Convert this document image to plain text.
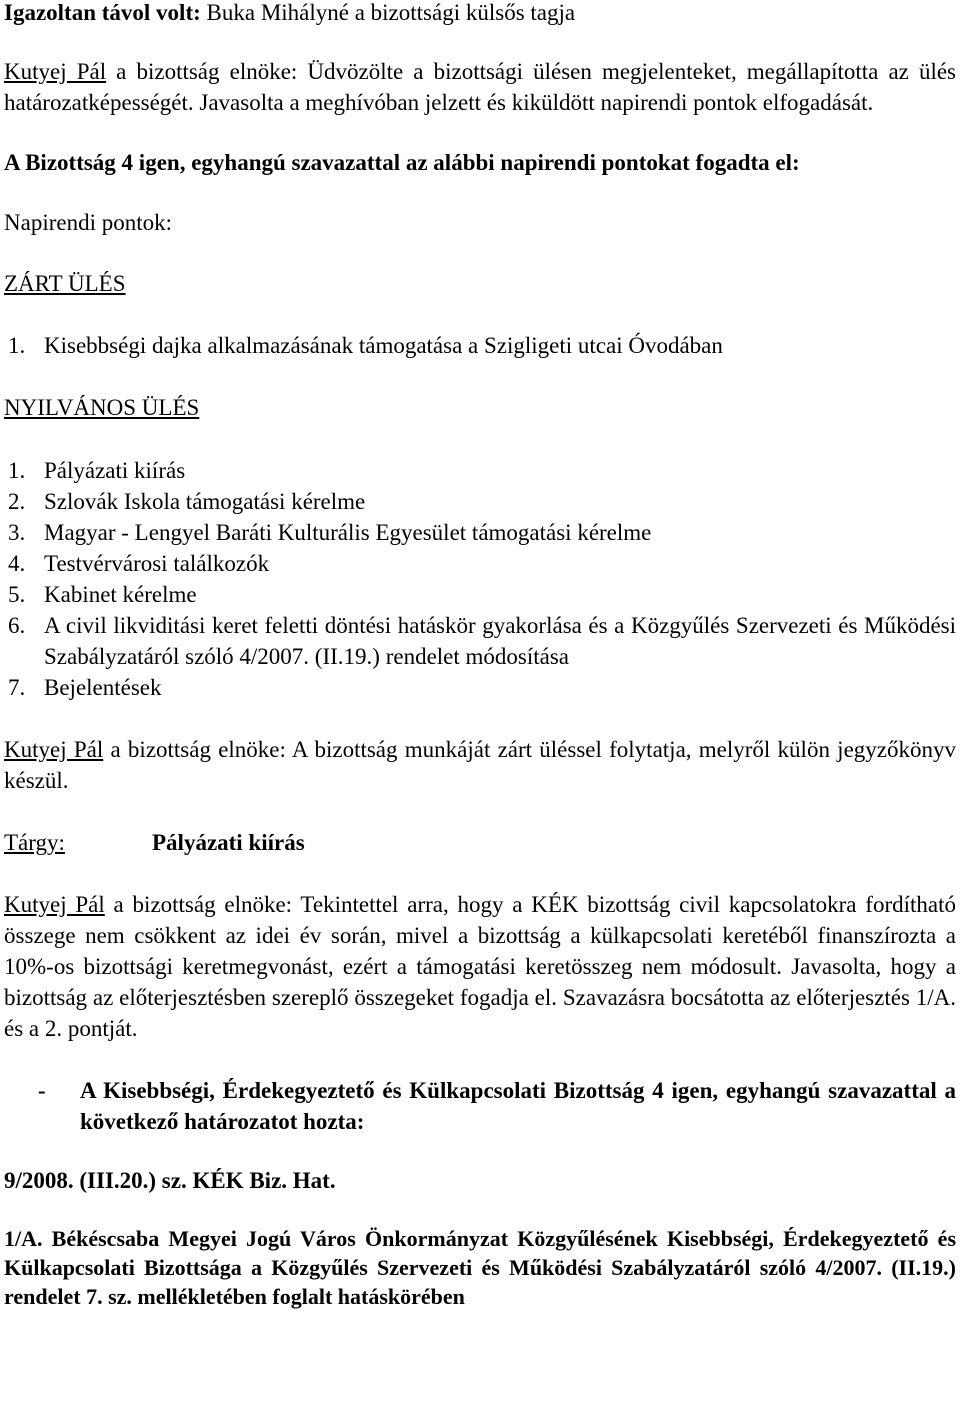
Igazoltan távol volt: Buka Mihályné a bizottsági külsős tagja

Kutyej Pál a bizottság elnöke: Üdvözölte a bizottsági ülésen megjelenteket, megállapította az ülés határozatképességét. Javasolta a meghívóban jelzett és kiküldött napirendi pontok elfogadását.

A Bizottság 4 igen, egyhangú szavazattal az alábbi napirendi pontokat fogadta el:

Napirendi pontok:

ZÁRT ÜLÉS

1. Kisebbségi dajka alkalmazásának támogatása a Szigligeti utcai Óvodában

NYILVÁNOS ÜLÉS

1. Pályázati kiírás
2. Szlovák Iskola támogatási kérelme
3. Magyar - Lengyel Baráti Kulturális Egyesület támogatási kérelme
4. Testvérvárosi találkozók
5. Kabinet kérelme
6. A civil likviditási keret feletti döntési hatáskör gyakorlása és a Közgyűlés Szervezeti és Működési Szabályzatáról szóló 4/2007. (II.19.) rendelet módosítása
7. Bejelentések

Kutyej Pál a bizottság elnöke: A bizottság munkáját zárt üléssel folytatja, melyről külön jegyzőkönyv készül.

Tárgy:	Pályázati kiírás

Kutyej Pál a bizottság elnöke: Tekintettel arra, hogy a KÉK bizottság civil kapcsolatokra fordítható összege nem csökkent az idei év során, mivel a bizottság a külkapcsolati keretéből finanszírozta a 10%-os bizottsági keretmegvonást, ezért a támogatási keretösszeg nem módosult. Javasolta, hogy a bizottság az előterjesztésben szereplő összegeket fogadja el. Szavazásra bocsátotta az előterjesztés 1/A. és a 2. pontját.

-	A Kisebbségi, Érdekegyeztető és Külkapcsolati Bizottság 4 igen, egyhangú szavazattal a következő határozatot hozta:

9/2008. (III.20.) sz. KÉK Biz. Hat.

1/A. Békéscsaba Megyei Jogú Város Önkormányzat Közgyűlésének Kisebbségi, Érdekegyeztető és Külkapcsolati Bizottsága a Közgyűlés Szervezeti és Működési Szabályzatáról szóló 4/2007. (II.19.) rendelet 7. sz. mellékletében foglalt hatáskörében
